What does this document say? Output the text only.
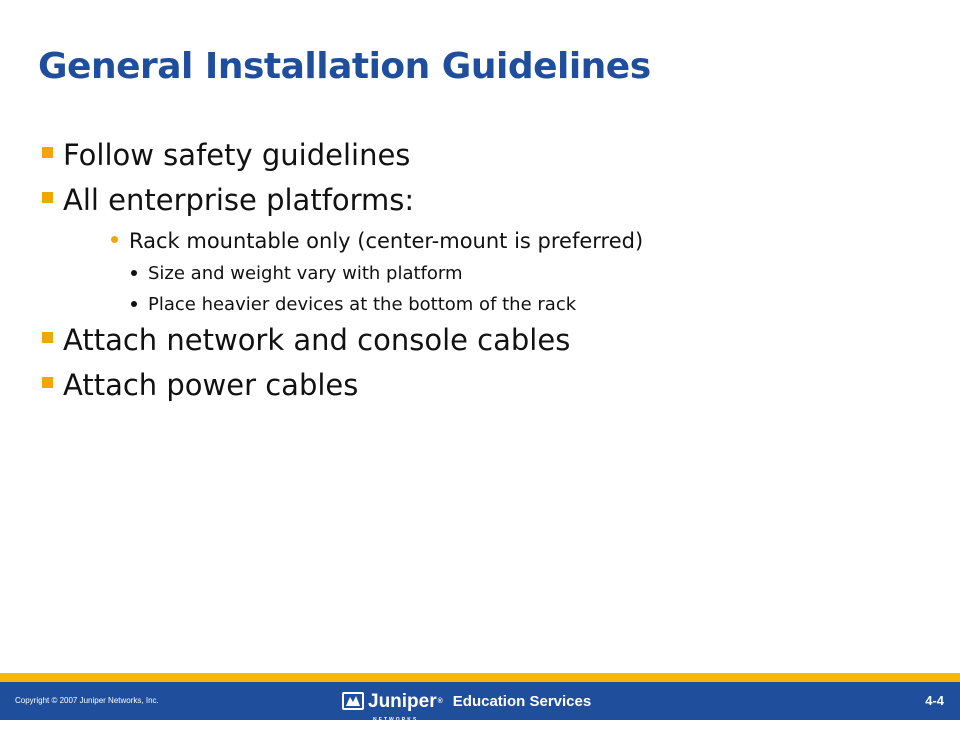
General Installation Guidelines
Follow safety guidelines
All enterprise platforms:
Rack mountable only (center-mount is preferred)
Size and weight vary with platform
Place heavier devices at the bottom of the rack
Attach network and console cables
Attach power cables
Copyright © 2007 Juniper Networks, Inc.	Juniper®
NETWORKS
Education Services	4-4
